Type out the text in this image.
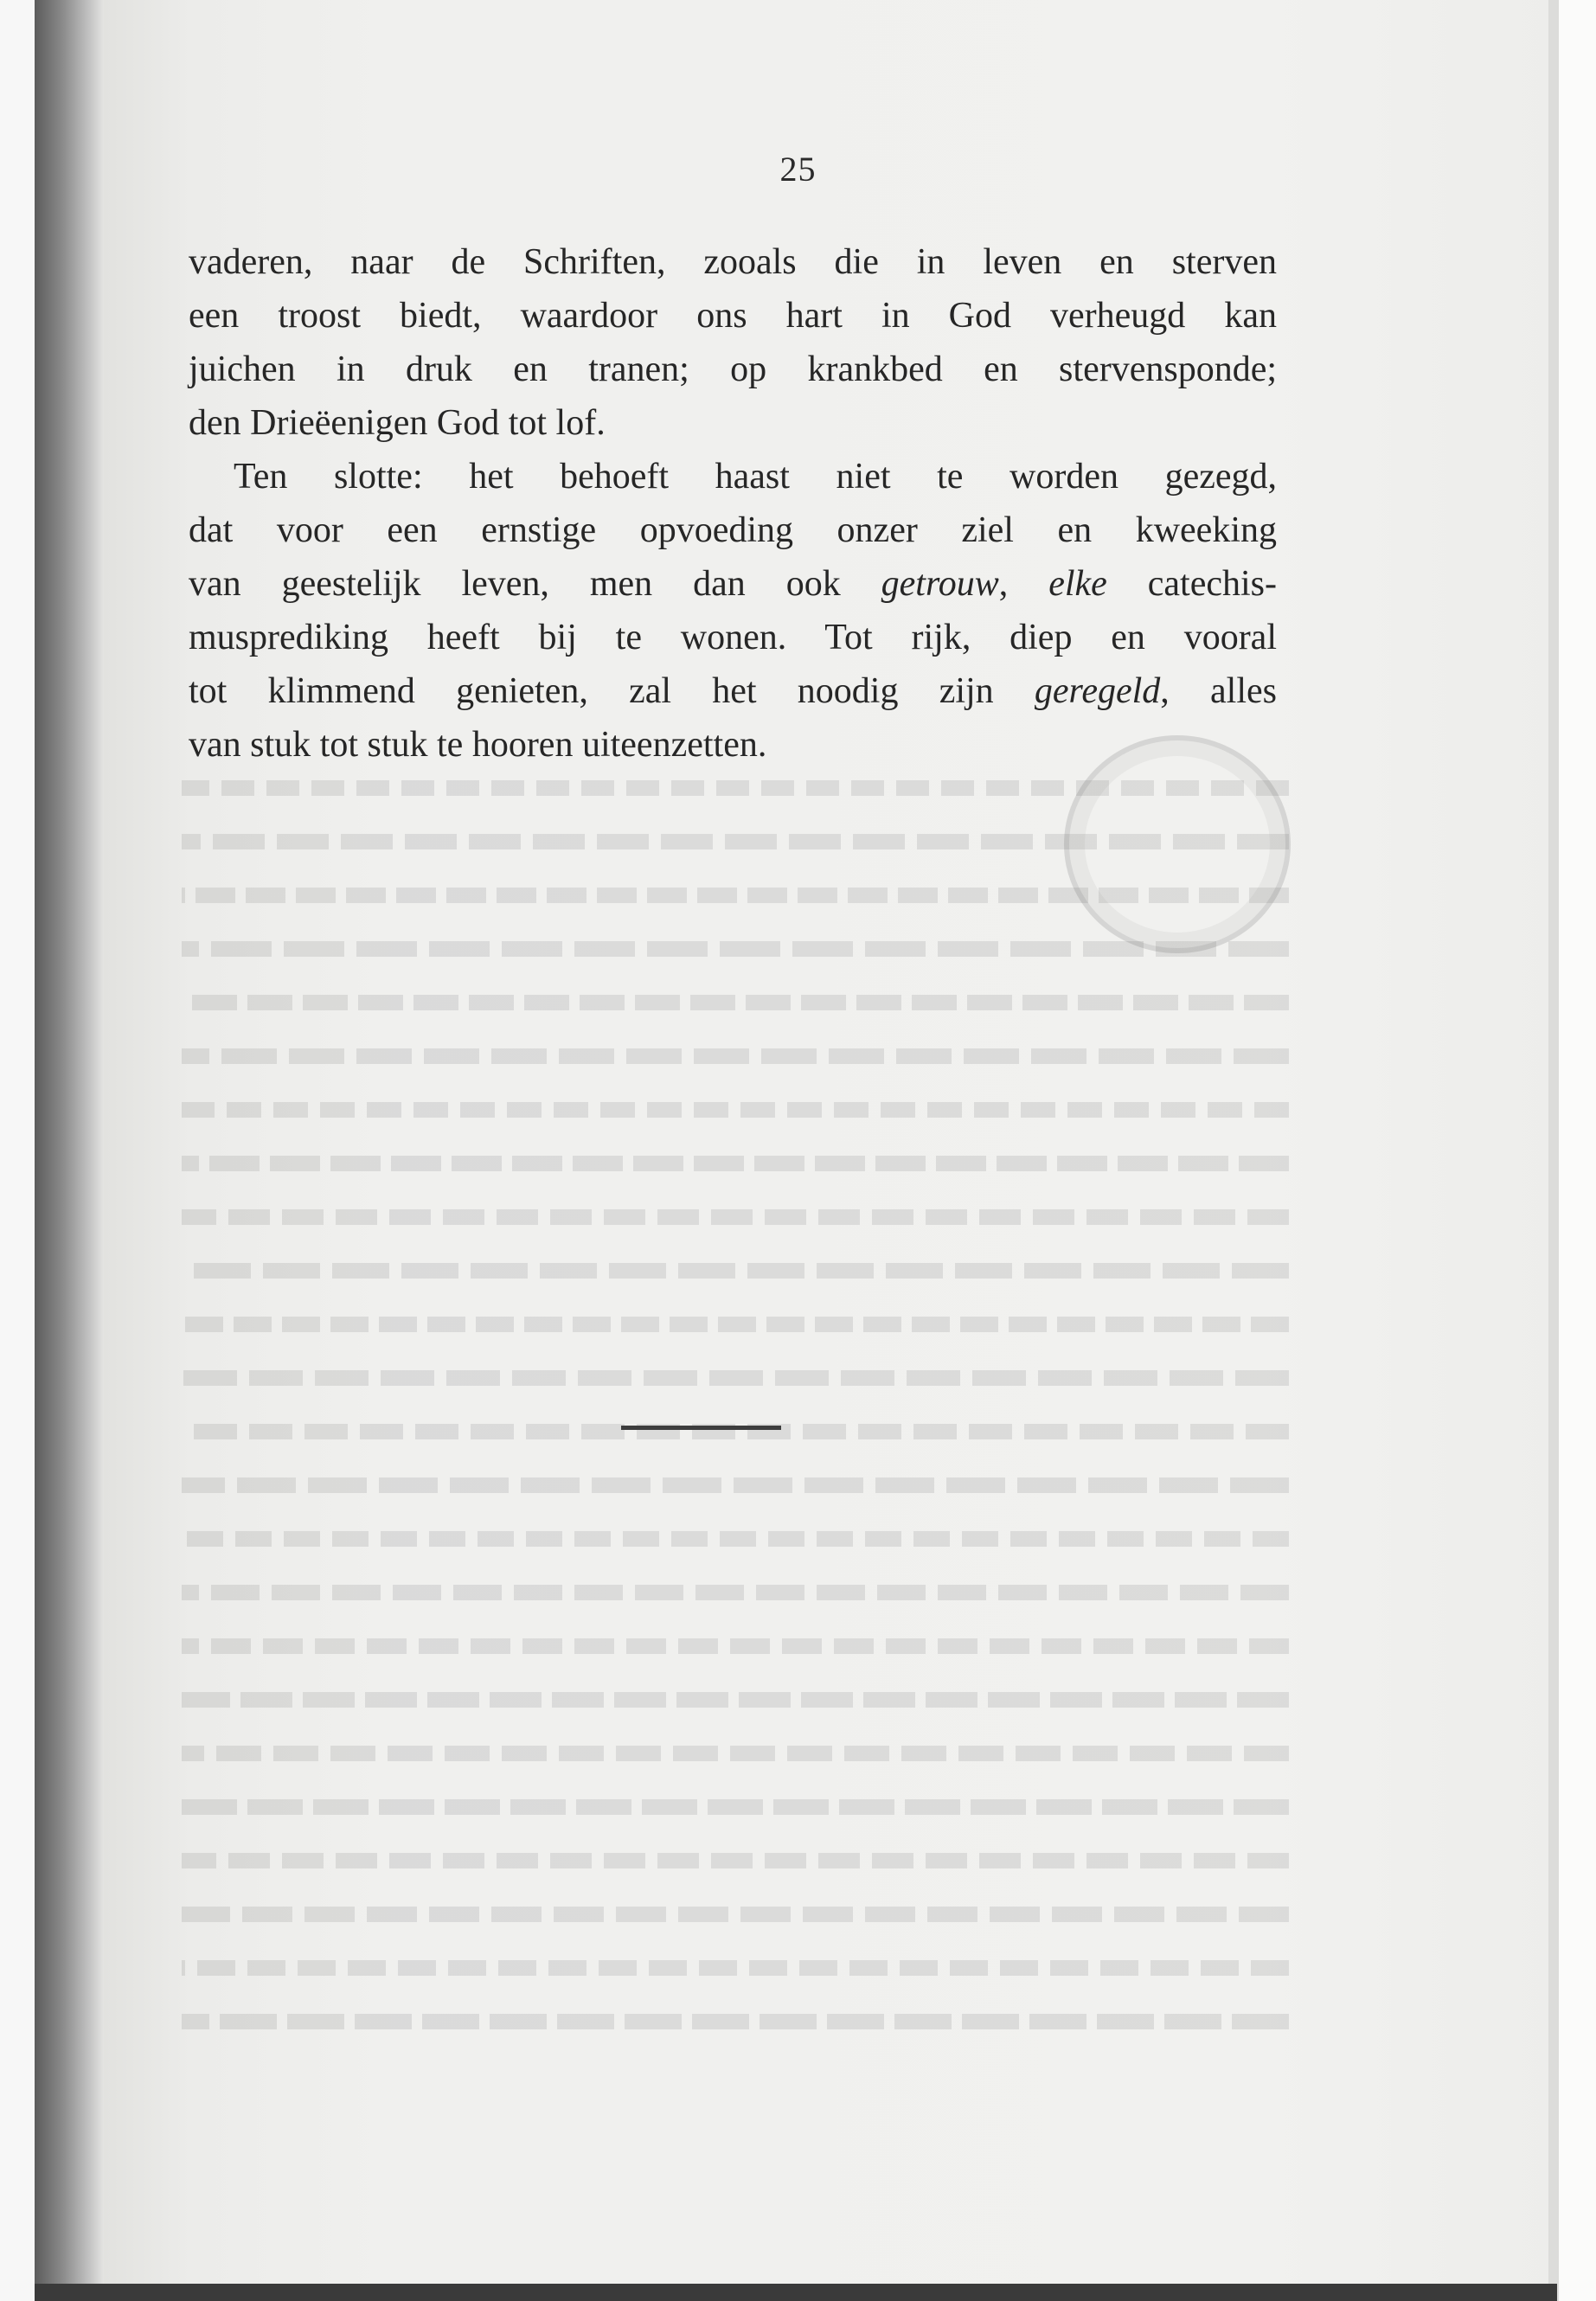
25
vaderen, naar de Schriften, zooals die in leven en sterven
een troost biedt, waardoor ons hart in God verheugd kan
juichen in druk en tranen; op krankbed en stervensponde;
den Drieëenigen God tot lof.
Ten slotte: het behoeft haast niet te worden gezegd,
dat voor een ernstige opvoeding onzer ziel en kweeking
van geestelijk leven, men dan ook getrouw, elke catechis-
musprediking heeft bij te wonen. Tot rijk, diep en vooral
tot klimmend genieten, zal het noodig zijn geregeld, alles
van stuk tot stuk te hooren uiteenzetten.
